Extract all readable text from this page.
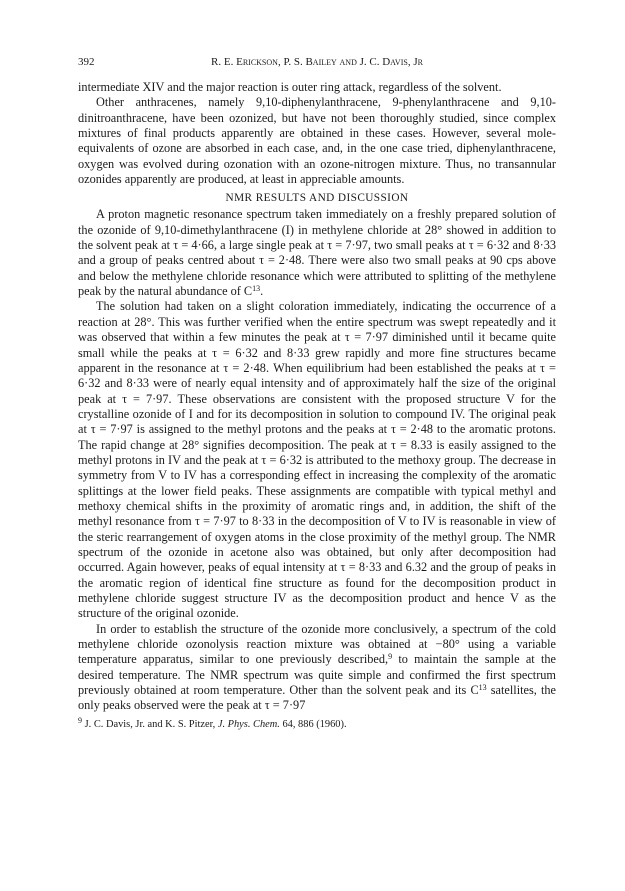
392	R. E. Erickson, P. S. Bailey and J. C. Davis, Jr

intermediate XIV and the major reaction is outer ring attack, regardless of the solvent.

Other anthracenes, namely 9,10-diphenylanthracene, 9-phenylanthracene and 9,10-dinitroanthracene, have been ozonized, but have not been thoroughly studied, since complex mixtures of final products apparently are obtained in these cases. However, several mole-equivalents of ozone are absorbed in each case, and, in the one case tried, diphenylanthracene, oxygen was evolved during ozonation with an ozone-nitrogen mixture. Thus, no transannular ozonides apparently are produced, at least in appreciable amounts.

NMR RESULTS AND DISCUSSION

A proton magnetic resonance spectrum taken immediately on a freshly prepared solution of the ozonide of 9,10-dimethylanthracene (I) in methylene chloride at 28° showed in addition to the solvent peak at τ = 4·66, a large single peak at τ = 7·97, two small peaks at τ = 6·32 and 8·33 and a group of peaks centred about τ = 2·48. There were also two small peaks at 90 cps above and below the methylene chloride resonance which were attributed to splitting of the methylene peak by the natural abundance of $C^{13}$.

The solution had taken on a slight coloration immediately, indicating the occurrence of a reaction at 28°. This was further verified when the entire spectrum was swept repeatedly and it was observed that within a few minutes the peak at τ = 7·97 diminished until it became quite small while the peaks at τ = 6·32 and 8·33 grew rapidly and more fine structures became apparent in the resonance at τ = 2·48. When equilibrium had been established the peaks at τ = 6·32 and 8·33 were of nearly equal intensity and of approximately half the size of the original peak at τ = 7·97. These observations are consistent with the proposed structure V for the crystalline ozonide of I and for its decomposition in solution to compound IV. The original peak at τ = 7·97 is assigned to the methyl protons and the peaks at τ = 2·48 to the aromatic protons. The rapid change at 28° signifies decomposition. The peak at τ = 8.33 is easily assigned to the methyl protons in IV and the peak at τ = 6·32 is attributed to the methoxy group. The decrease in symmetry from V to IV has a corresponding effect in increasing the complexity of the aromatic splittings at the lower field peaks. These assignments are compatible with typical methyl and methoxy chemical shifts in the proximity of aromatic rings and, in addition, the shift of the methyl resonance from τ = 7·97 to 8·33 in the decomposition of V to IV is reasonable in view of the steric rearrangement of oxygen atoms in the close proximity of the methyl group. The NMR spectrum of the ozonide in acetone also was obtained, but only after decomposition had occurred. Again however, peaks of equal intensity at τ = 8·33 and 6.32 and the group of peaks in the aromatic region of identical fine structure as found for the decomposition product in methylene chloride suggest structure IV as the decomposition product and hence V as the structure of the original ozonide.

In order to establish the structure of the ozonide more conclusively, a spectrum of the cold methylene chloride ozonolysis reaction mixture was obtained at −80° using a variable temperature apparatus, similar to one previously described,$^9$ to maintain the sample at the desired temperature. The NMR spectrum was quite simple and confirmed the first spectrum previously obtained at room temperature. Other than the solvent peak and its $C^{13}$ satellites, the only peaks observed were the peak at τ = 7·97

$^9$ J. C. Davis, Jr. and K. S. Pitzer, J. Phys. Chem. 64, 886 (1960).
